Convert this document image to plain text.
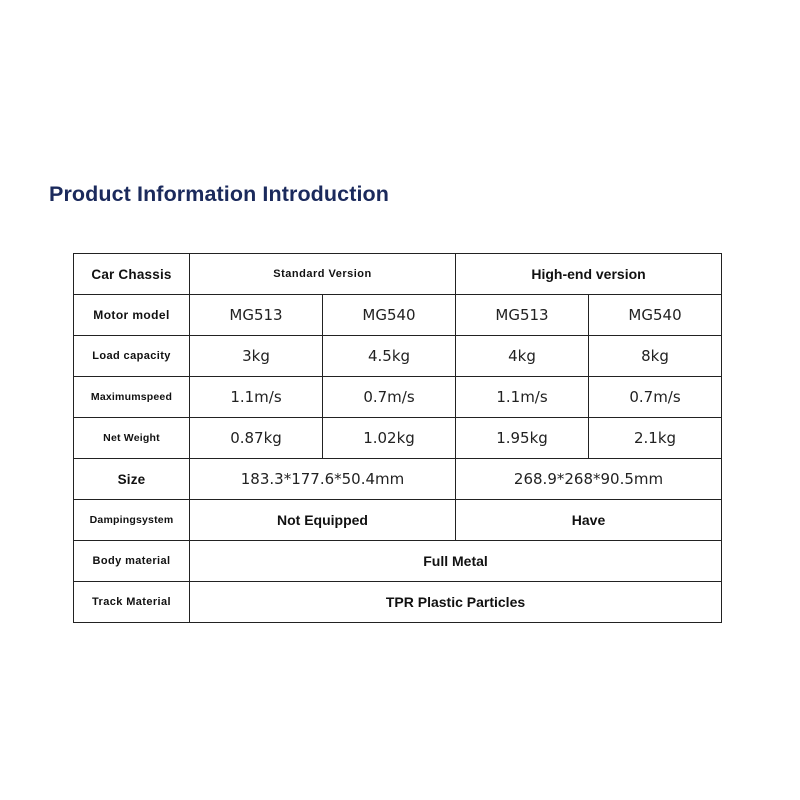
Product Information Introduction
Car Chassis	Standard Version		High-end version	
Motor model	MG513	MG540	MG513	MG540
Load capacity	3kg	4.5kg	4kg	8kg
Maximumspeed	1.1m/s	0.7m/s	1.1m/s	0.7m/s
Net Weight	0.87kg	1.02kg	1.95kg	2.1kg
Size	183.3*177.6*50.4mm		268.9*268*90.5mm	
Dampingsystem	Not Equipped		Have	
Body material	Full Metal			
Track Material	TPR Plastic Particles			
